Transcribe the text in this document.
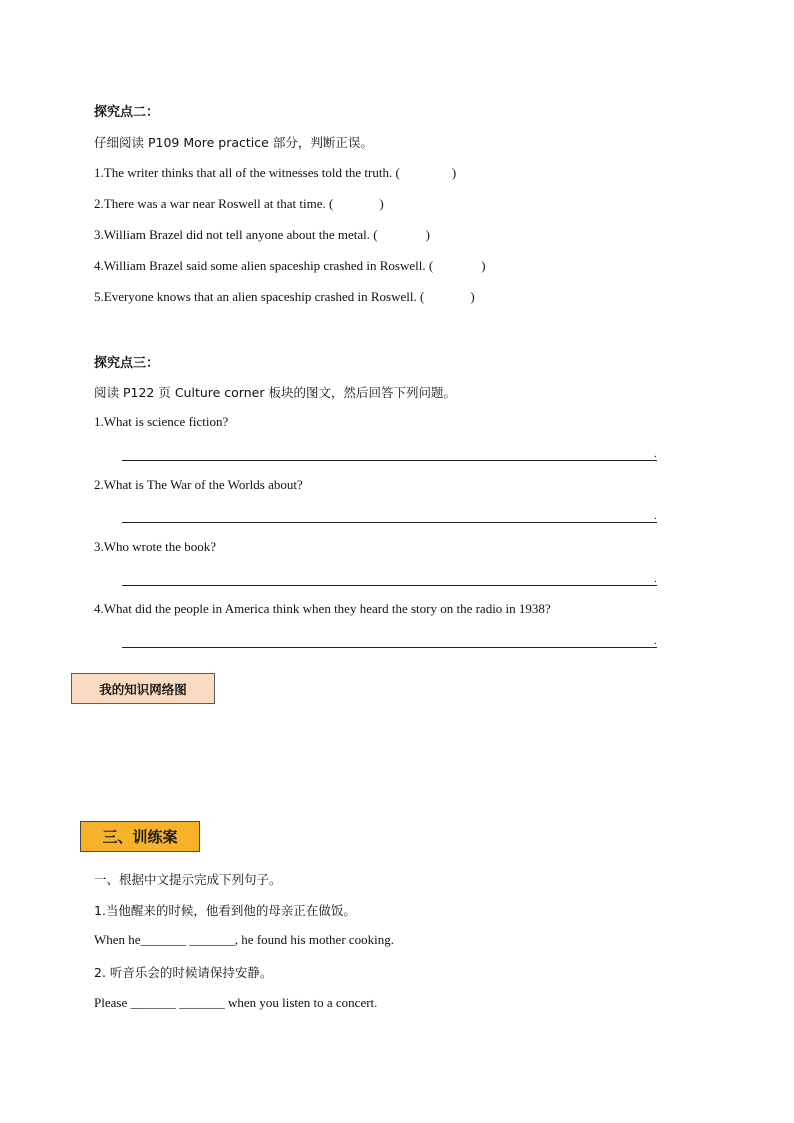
探究点二：
仔细阅读 P109 More practice 部分，判断正误。
1.The writer thinks that all of the witnesses told the truth. (	)
2.There was a war near Roswell at that time. (	)
3.William Brazel did not tell anyone about the metal. (	)
4.William Brazel said some alien spaceship crashed in Roswell. (	)
5.Everyone knows that an alien spaceship crashed in Roswell. (	)
探究点三：
阅读 P122 页 Culture corner 板块的图文，然后回答下列问题。
1.What is science fiction?
.
2.What is The War of the Worlds about?
.
3.Who wrote the book?
.
4.What did the people in America think when they heard the story on the radio in 1938?
.
我的知识网络图
三、训练案
一、根据中文提示完成下列句子。
1.当他醒来的时候，他看到他的母亲正在做饭。
When he_______ _______, he found his mother cooking.
2. 听音乐会的时候请保持安静。
Please _______ _______ when you listen to a concert.
